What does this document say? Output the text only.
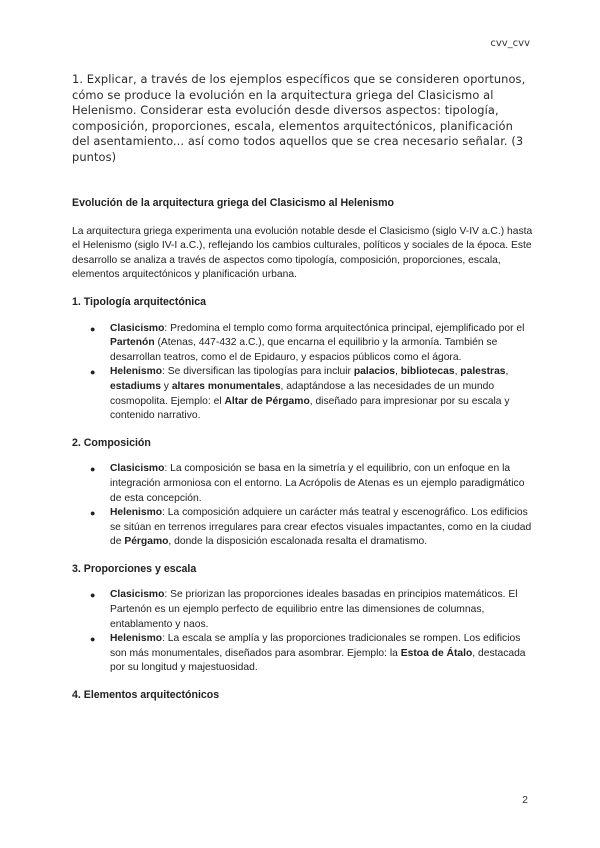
cvv_cvv
1. Explicar, a través de los ejemplos específicos que se consideren oportunos, cómo se produce la evolución en la arquitectura griega del Clasicismo al Helenismo. Considerar esta evolución desde diversos aspectos: tipología, composición, proporciones, escala, elementos arquitectónicos, planificación del asentamiento... así como todos aquellos que se crea necesario señalar. (3 puntos)
Evolución de la arquitectura griega del Clasicismo al Helenismo
La arquitectura griega experimenta una evolución notable desde el Clasicismo (siglo V-IV a.C.) hasta el Helenismo (siglo IV-I a.C.), reflejando los cambios culturales, políticos y sociales de la época. Este desarrollo se analiza a través de aspectos como tipología, composición, proporciones, escala, elementos arquitectónicos y planificación urbana.
1. Tipología arquitectónica
● Clasicismo: Predomina el templo como forma arquitectónica principal, ejemplificado por el Partenón (Atenas, 447-432 a.C.), que encarna el equilibrio y la armonía. También se desarrollan teatros, como el de Epidauro, y espacios públicos como el ágora.
● Helenismo: Se diversifican las tipologías para incluir palacios, bibliotecas, palestras, estadiums y altares monumentales, adaptándose a las necesidades de un mundo cosmopolita. Ejemplo: el Altar de Pérgamo, diseñado para impresionar por su escala y contenido narrativo.
2. Composición
● Clasicismo: La composición se basa en la simetría y el equilibrio, con un enfoque en la integración armoniosa con el entorno. La Acrópolis de Atenas es un ejemplo paradigmático de esta concepción.
● Helenismo: La composición adquiere un carácter más teatral y escenográfico. Los edificios se sitúan en terrenos irregulares para crear efectos visuales impactantes, como en la ciudad de Pérgamo, donde la disposición escalonada resalta el dramatismo.
3. Proporciones y escala
● Clasicismo: Se priorizan las proporciones ideales basadas en principios matemáticos. El Partenón es un ejemplo perfecto de equilibrio entre las dimensiones de columnas, entablamento y naos.
● Helenismo: La escala se amplía y las proporciones tradicionales se rompen. Los edificios son más monumentales, diseñados para asombrar. Ejemplo: la Estoa de Átalo, destacada por su longitud y majestuosidad.
4. Elementos arquitectónicos
2
